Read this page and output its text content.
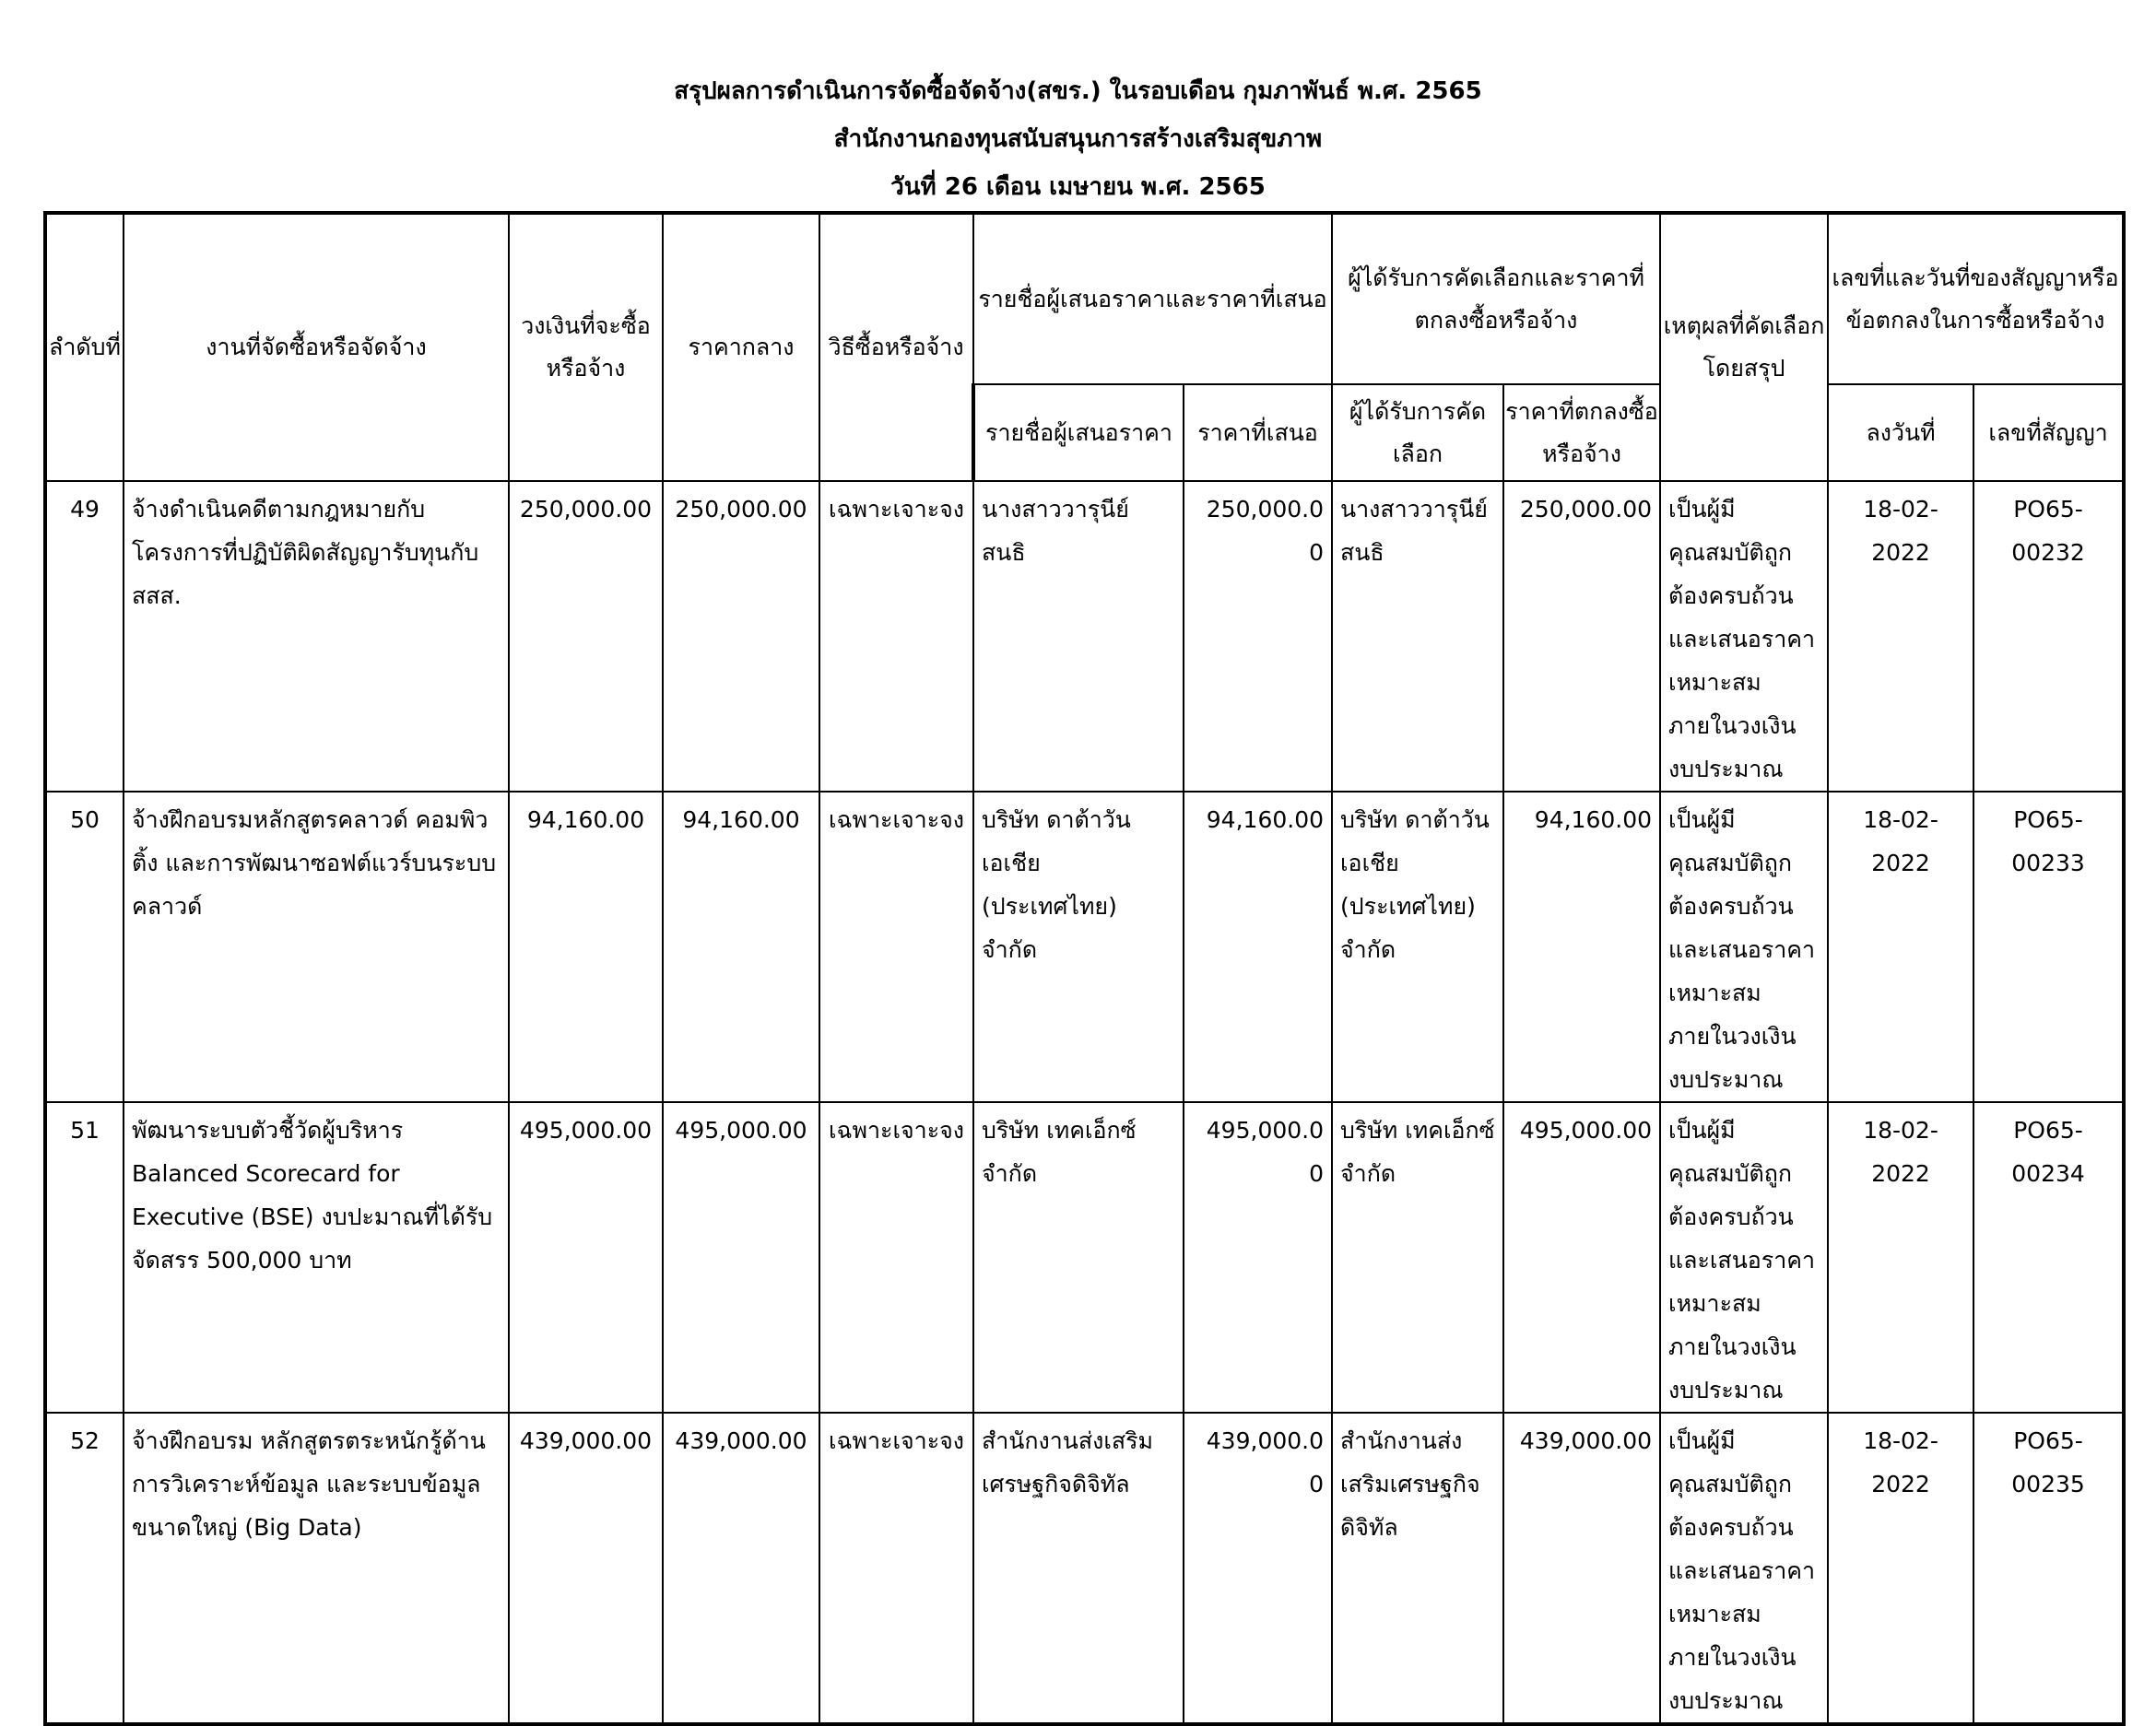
สรุปผลการดำเนินการจัดซื้อจัดจ้าง(สขร.) ในรอบเดือน กุมภาพันธ์ พ.ศ. 2565
สำนักงานกองทุนสนับสนุนการสร้างเสริมสุขภาพ
วันที่ 26 เดือน เมษายน พ.ศ. 2565
ลำดับที่	งานที่จัดซื้อหรือจัดจ้าง	วงเงินที่จะซื้อหรือจ้าง	ราคากลาง	วิธีซื้อหรือจ้าง	รายชื่อผู้เสนอราคาและราคาที่เสนอ		ผู้ได้รับการคัดเลือกและราคาที่ตกลงซื้อหรือจ้าง		เหตุผลที่คัดเลือกโดยสรุป	เลขที่และวันที่ของสัญญาหรือข้อตกลงในการซื้อหรือจ้าง	
					รายชื่อผู้เสนอราคา	ราคาที่เสนอ	ผู้ได้รับการคัดเลือก	ราคาที่ตกลงซื้อหรือจ้าง		ลงวันที่	เลขที่สัญญา
49	จ้างดำเนินคดีตามกฎหมายกับโครงการที่ปฏิบัติผิดสัญญารับทุนกับ สสส.	250,000.00	250,000.00	เฉพาะเจาะจง	นางสาววารุนีย์ สนธิ	250,000.00	นางสาววารุนีย์ สนธิ	250,000.00	เป็นผู้มีคุณสมบัติถูกต้องครบถ้วนและเสนอราคาเหมาะสมภายในวงเงินงบประมาณ	18-02-2022	PO65-00232
50	จ้างฝึกอบรมหลักสูตรคลาวด์ คอมพิวติ้ง และการพัฒนาซอฟต์แวร์บนระบบคลาวด์	94,160.00	94,160.00	เฉพาะเจาะจง	บริษัท ดาต้าวัน เอเชีย (ประเทศไทย) จำกัด	94,160.00	บริษัท ดาต้าวัน เอเชีย (ประเทศไทย) จำกัด	94,160.00	เป็นผู้มีคุณสมบัติถูกต้องครบถ้วนและเสนอราคาเหมาะสมภายในวงเงินงบประมาณ	18-02-2022	PO65-00233
51	พัฒนาระบบตัวชี้วัดผู้บริหาร Balanced Scorecard for Executive (BSE) งบปะมาณที่ได้รับจัดสรร 500,000 บาท	495,000.00	495,000.00	เฉพาะเจาะจง	บริษัท เทคเอ็กซ์ จำกัด	495,000.00	บริษัท เทคเอ็กซ์ จำกัด	495,000.00	เป็นผู้มีคุณสมบัติถูกต้องครบถ้วนและเสนอราคาเหมาะสมภายในวงเงินงบประมาณ	18-02-2022	PO65-00234
52	จ้างฝึกอบรม หลักสูตรตระหนักรู้ด้านการวิเคราะห์ข้อมูล และระบบข้อมูลขนาดใหญ่ (Big Data)	439,000.00	439,000.00	เฉพาะเจาะจง	สำนักงานส่งเสริมเศรษฐกิจดิจิทัล	439,000.00	สำนักงานส่งเสริมเศรษฐกิจดิจิทัล	439,000.00	เป็นผู้มีคุณสมบัติถูกต้องครบถ้วนและเสนอราคาเหมาะสมภายในวงเงินงบประมาณ	18-02-2022	PO65-00235
